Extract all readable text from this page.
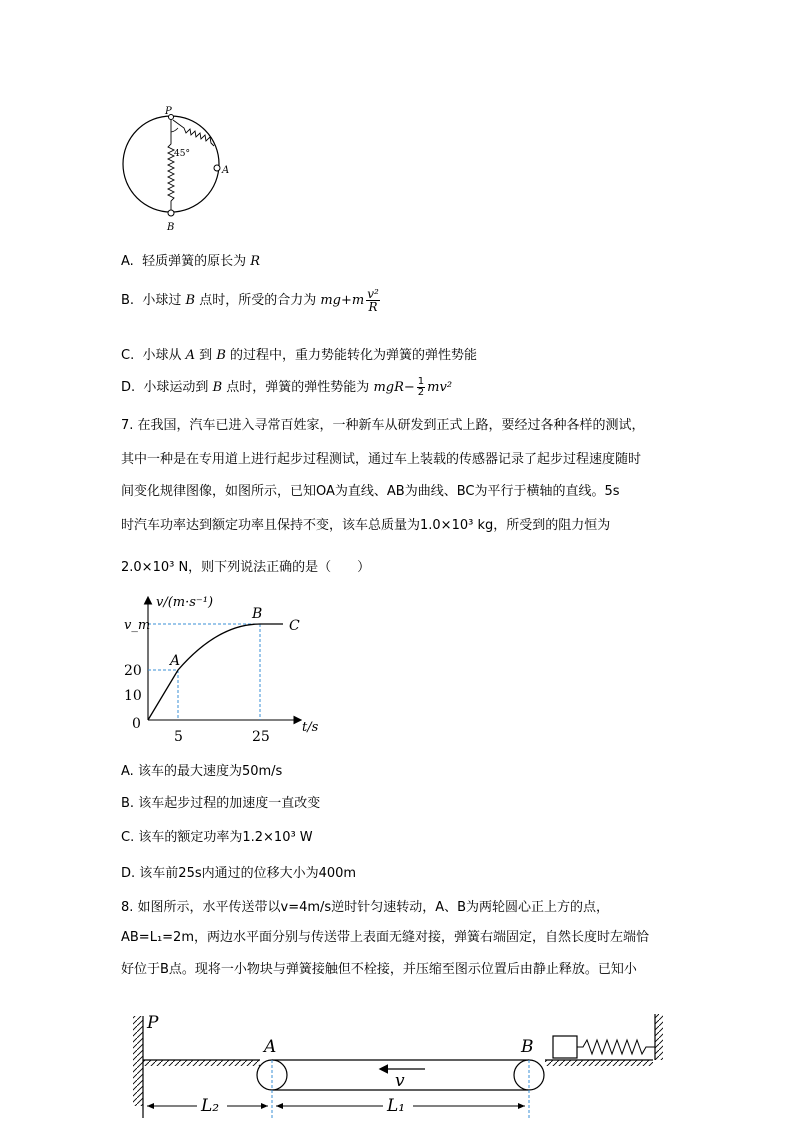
P
A
B
45°
A. 轻质弹簧的原长为 R
B. 小球过 B 点时，所受的合力为 $mg+m \frac{\text{v²}}{R}$
C. 小球从 A 到 B 的过程中，重力势能转化为弹簧的弹性势能
D. 小球运动到 B 点时，弹簧的弹性势能为 $mgR- \frac{1}{2} mv^2$
7. 在我国，汽车已进入寻常百姓家，一种新车从研发到正式上路，要经过各种各样的测试，
其中一种是在专用道上进行起步过程测试，通过车上装载的传感器记录了起步过程速度随时
间变化规律图像，如图所示，已知OA为直线、AB为曲线、BC为平行于横轴的直线。5s
时汽车功率达到额定功率且保持不变，该车总质量为1.0×10³ kg，所受到的阻力恒为
2.0×10³ N，则下列说法正确的是（　　）
A
B
C
v/(m·s⁻¹)
t/s
v_m
20
10
0
5	25
A. 该车的最大速度为50m/s
B. 该车起步过程的加速度一直改变
C. 该车的额定功率为1.2×10³ W
D. 该车前25s内通过的位移大小为400m
8. 如图所示，水平传送带以v=4m/s逆时针匀速转动，A、B为两轮圆心正上方的点，
AB=L₁=2m，两边水平面分别与传送带上表面无缝对接，弹簧右端固定，自然长度时左端恰
好位于B点。现将一小物块与弹簧接触但不栓接，并压缩至图示位置后由静止释放。已知小
P
A	B
v
L₂	L₁
